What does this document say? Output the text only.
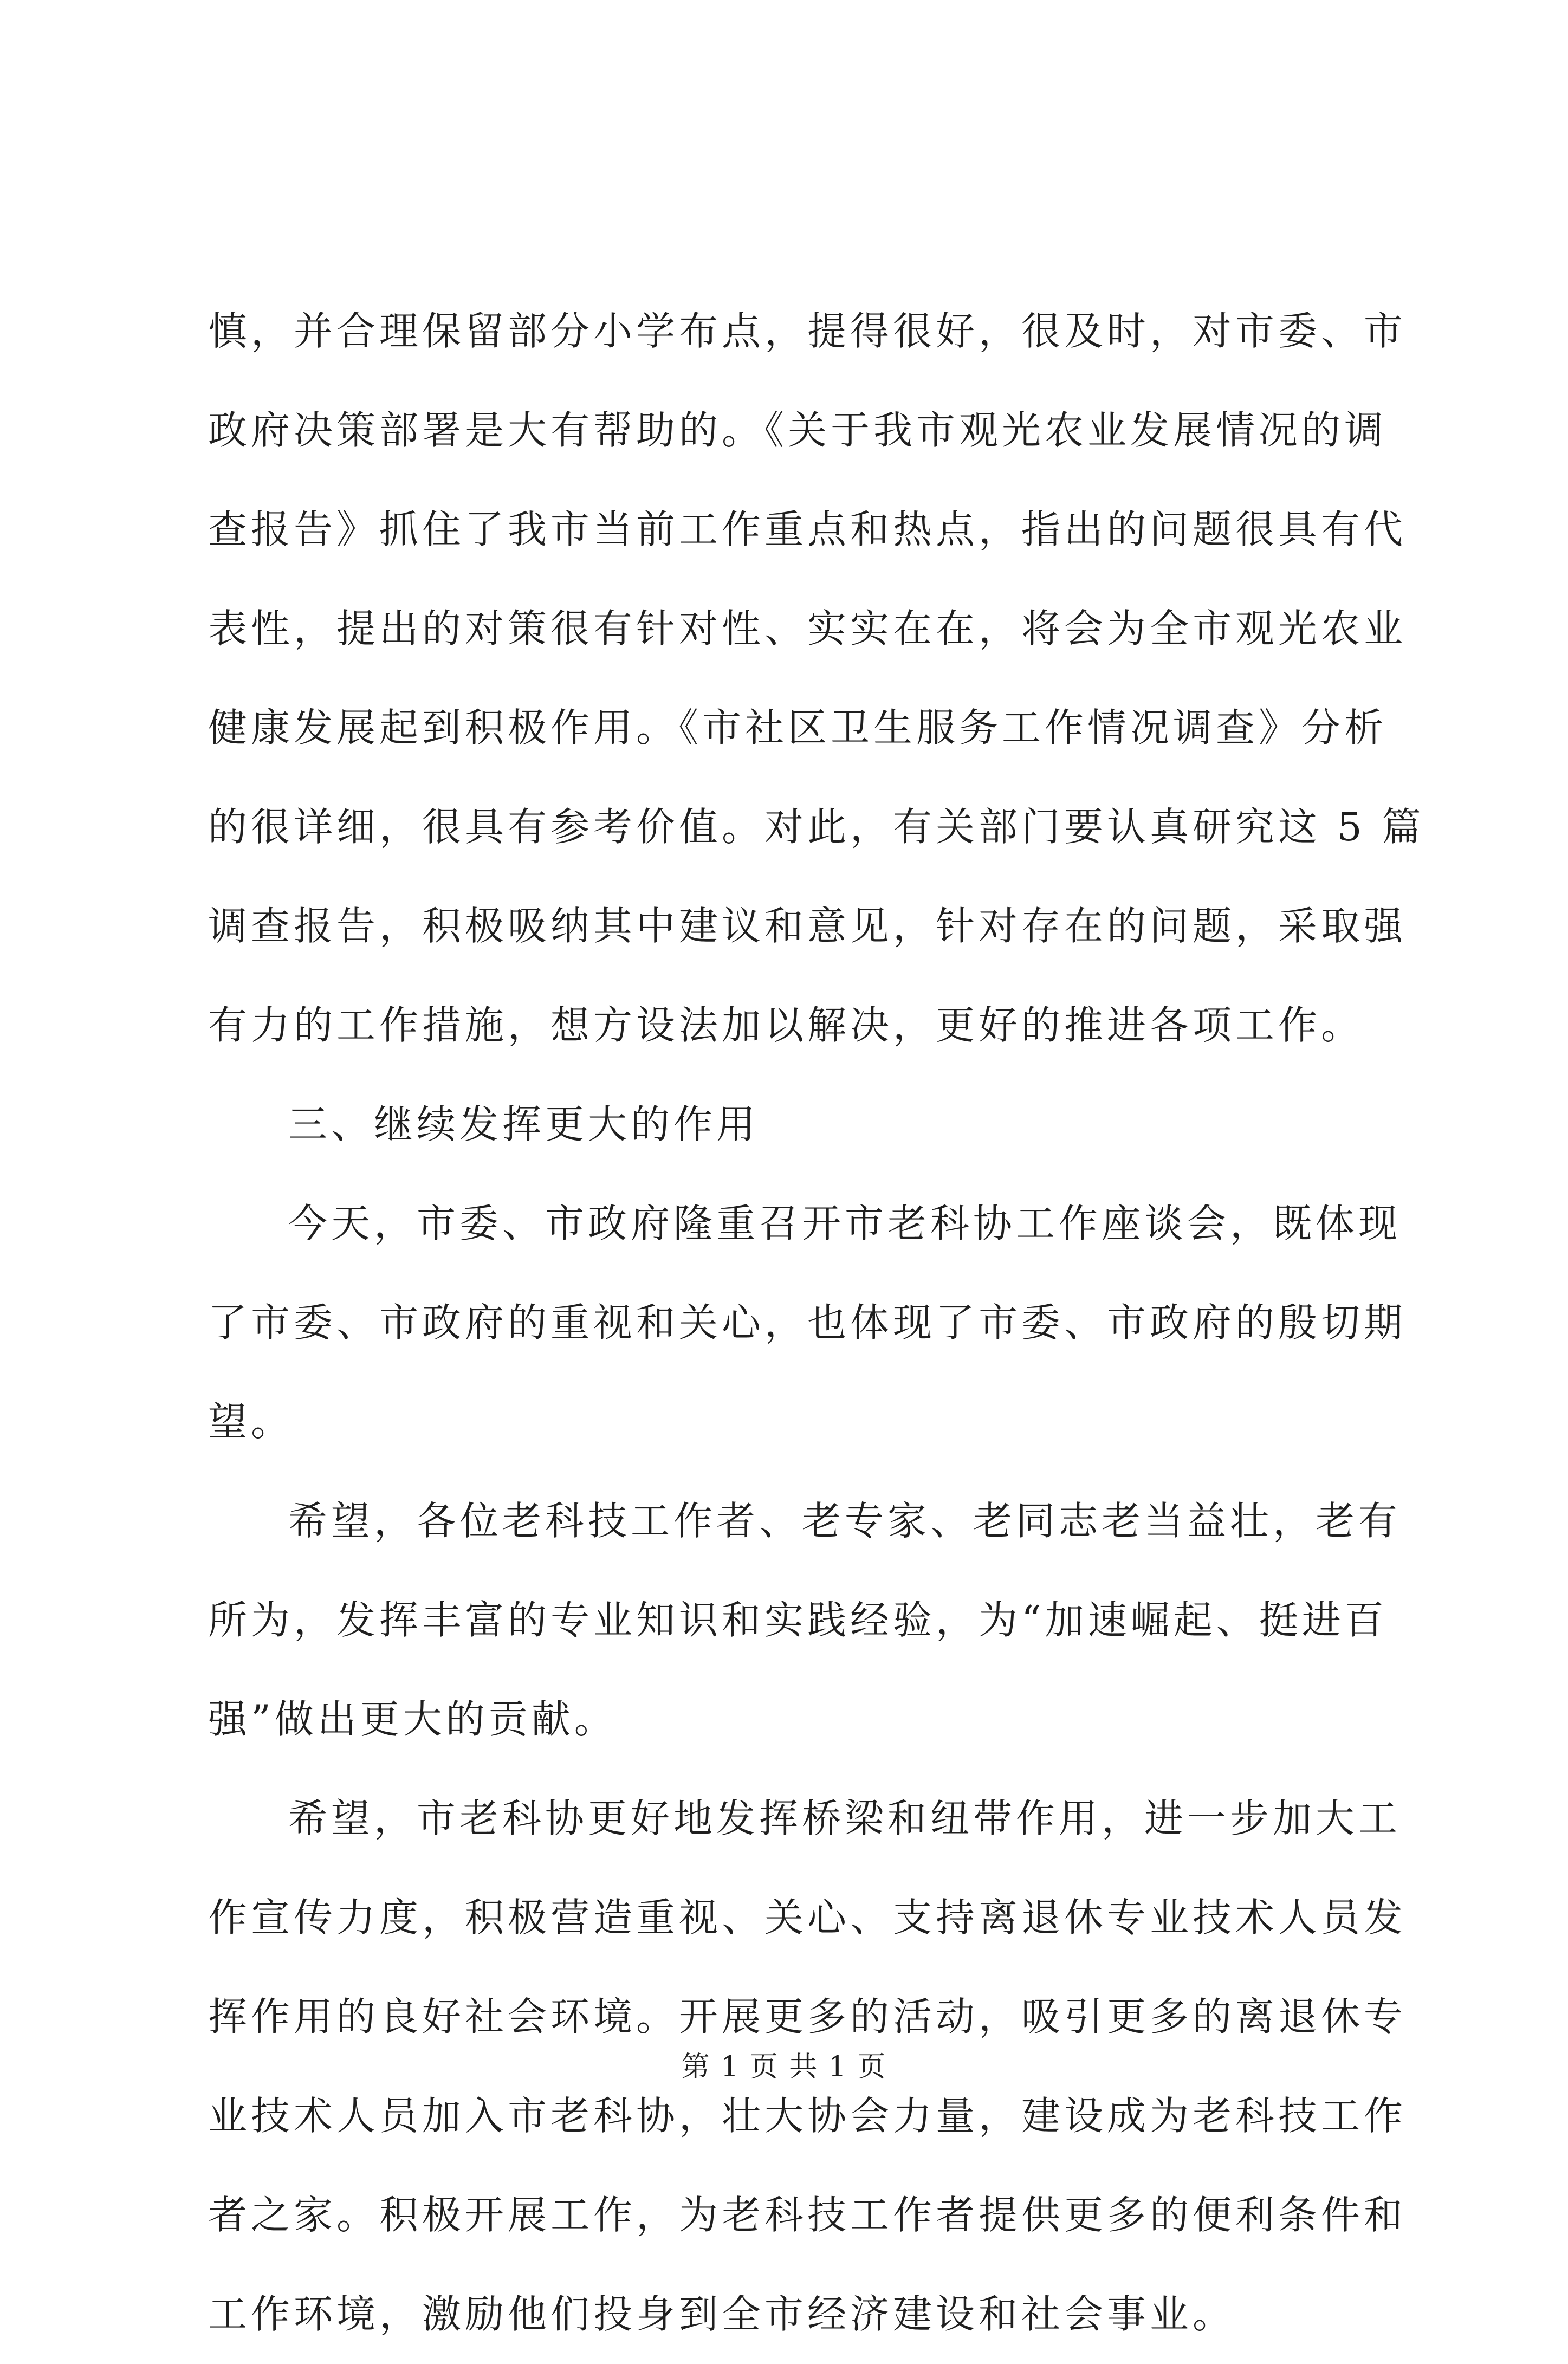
慎，并合理保留部分小学布点，提得很好，很及时，对市委、市
政府决策部署是大有帮助的。《关于我市观光农业发展情况的调
查报告》抓住了我市当前工作重点和热点，指出的问题很具有代
表性，提出的对策很有针对性、实实在在，将会为全市观光农业
健康发展起到积极作用。《市社区卫生服务工作情况调查》分析
的很详细，很具有参考价值。对此，有关部门要认真研究这 5 篇
调查报告，积极吸纳其中建议和意见，针对存在的问题，采取强
有力的工作措施，想方设法加以解决，更好的推进各项工作。
三、继续发挥更大的作用
今天，市委、市政府隆重召开市老科协工作座谈会，既体现
了市委、市政府的重视和关心，也体现了市委、市政府的殷切期
望。
希望，各位老科技工作者、老专家、老同志老当益壮，老有
所为，发挥丰富的专业知识和实践经验，为“加速崛起、挺进百
强”做出更大的贡献。
希望，市老科协更好地发挥桥梁和纽带作用，进一步加大工
作宣传力度，积极营造重视、关心、支持离退休专业技术人员发
挥作用的良好社会环境。开展更多的活动，吸引更多的离退休专
业技术人员加入市老科协，壮大协会力量，建设成为老科技工作
者之家。积极开展工作，为老科技工作者提供更多的便利条件和
工作环境，激励他们投身到全市经济建设和社会事业。
第 1 页 共 1 页
